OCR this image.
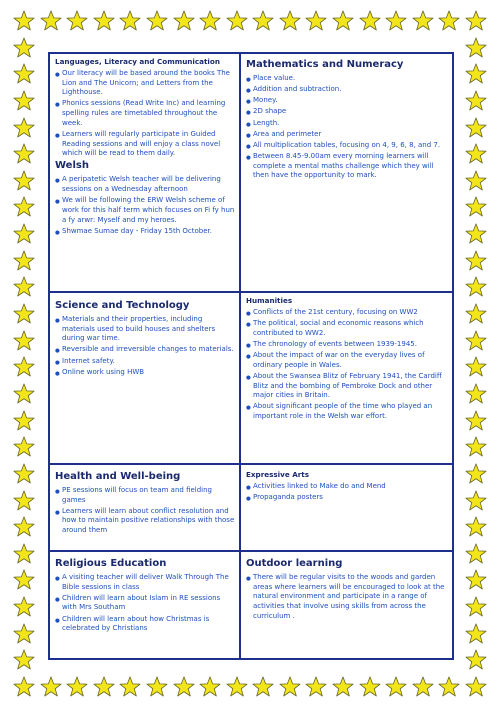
Languages, Literacy and Communication
● Our literacy will be based around the books The Lion and The Unicorn; and Letters from the Lighthouse.
● Phonics sessions (Read Write Inc) and learning spelling rules are timetabled throughout the week.
● Learners will regularly participate in Guided Reading sessions and will enjoy a class novel which will be read to them daily.
Welsh
● A peripatetic Welsh teacher will be delivering sessions on a Wednesday afternoon
● We will be following the ERW Welsh scheme of work for this half term which focuses on Fi fy hun a fy arwr: Myself and my heroes.
● Shwmae Sumae day - Friday 15th October.
Mathematics and Numeracy
● Place value.
● Addition and subtraction.
● Money.
● 2D shape
● Length.
● Area and perimeter
● All multiplication tables, focusing on 4, 9, 6, 8, and 7.
● Between 8.45-9.00am every morning learners will complete a mental maths challenge which they will then have the opportunity to mark.
Science and Technology
● Materials and their properties, including materials used to build houses and shelters during war time.
● Reversible and irreversible changes to materials.
● Internet safety.
● Online work using HWB
Humanities
● Conflicts of the 21st century, focusing on WW2
● The political, social and economic reasons which contributed to WW2.
● The chronology of events between 1939-1945.
● About the impact of war on the everyday lives of ordinary people in Wales.
● About the Swansea Blitz of February 1941, the Cardiff Blitz and the bombing of Pembroke Dock and other major cities in Britain.
● About significant people of the time who played an important role in the Welsh war effort.
Health and Well-being
● PE sessions will focus on team and fielding games
● Learners will learn about conflict resolution and how to maintain positive relationships with those around them
Expressive Arts
● Activities linked to Make do and Mend
● Propaganda posters
Religious Education
● A visiting teacher will deliver Walk Through The Bible sessions in class
● Children will learn about Islam in RE sessions with Mrs Southam
● Children will learn about how Christmas is celebrated by Christians
Outdoor learning
● There will be regular visits to the woods and garden areas where learners will be encouraged to look at the natural environment and participate in a range of activities that involve using skills from across the curriculum .
